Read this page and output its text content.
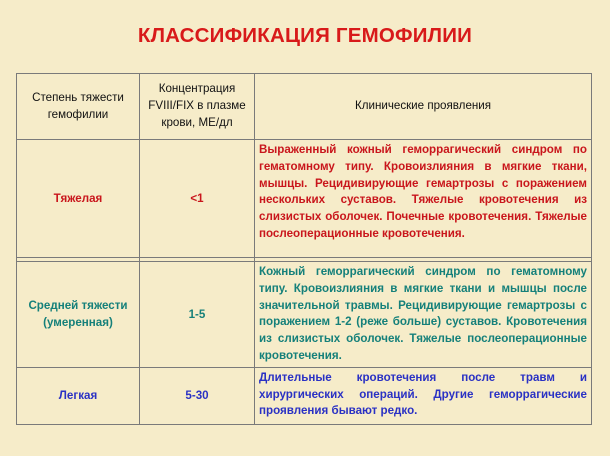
КЛАССИФИКАЦИЯ ГЕМОФИЛИИ
Степень тяжести гемофилии	Концентрация FVIII/FIX в плазме крови, МЕ/дл	Клинические проявления
Тяжелая	<1	Выраженный кожный геморрагический синдром по гематомному типу. Кровоизлияния в мягкие ткани, мышцы. Рецидивирующие гемартрозы с поражением нескольких суставов. Тяжелые кровотечения из слизистых оболочек. Почечные кровотечения. Тяжелые послеоперационные кровотечения.

Средней тяжести (умеренная)	1-5	Кожный геморрагический синдром по гематомному типу. Кровоизлияния в мягкие ткани и мышцы после значительной травмы. Рецидивирующие гемартрозы с поражением 1-2 (реже больше) суставов. Кровотечения из слизистых оболочек. Тяжелые послеоперационные кровотечения.
Легкая	5-30	Длительные кровотечения после травм и хирургических операций. Другие геморрагические проявления бывают редко.
